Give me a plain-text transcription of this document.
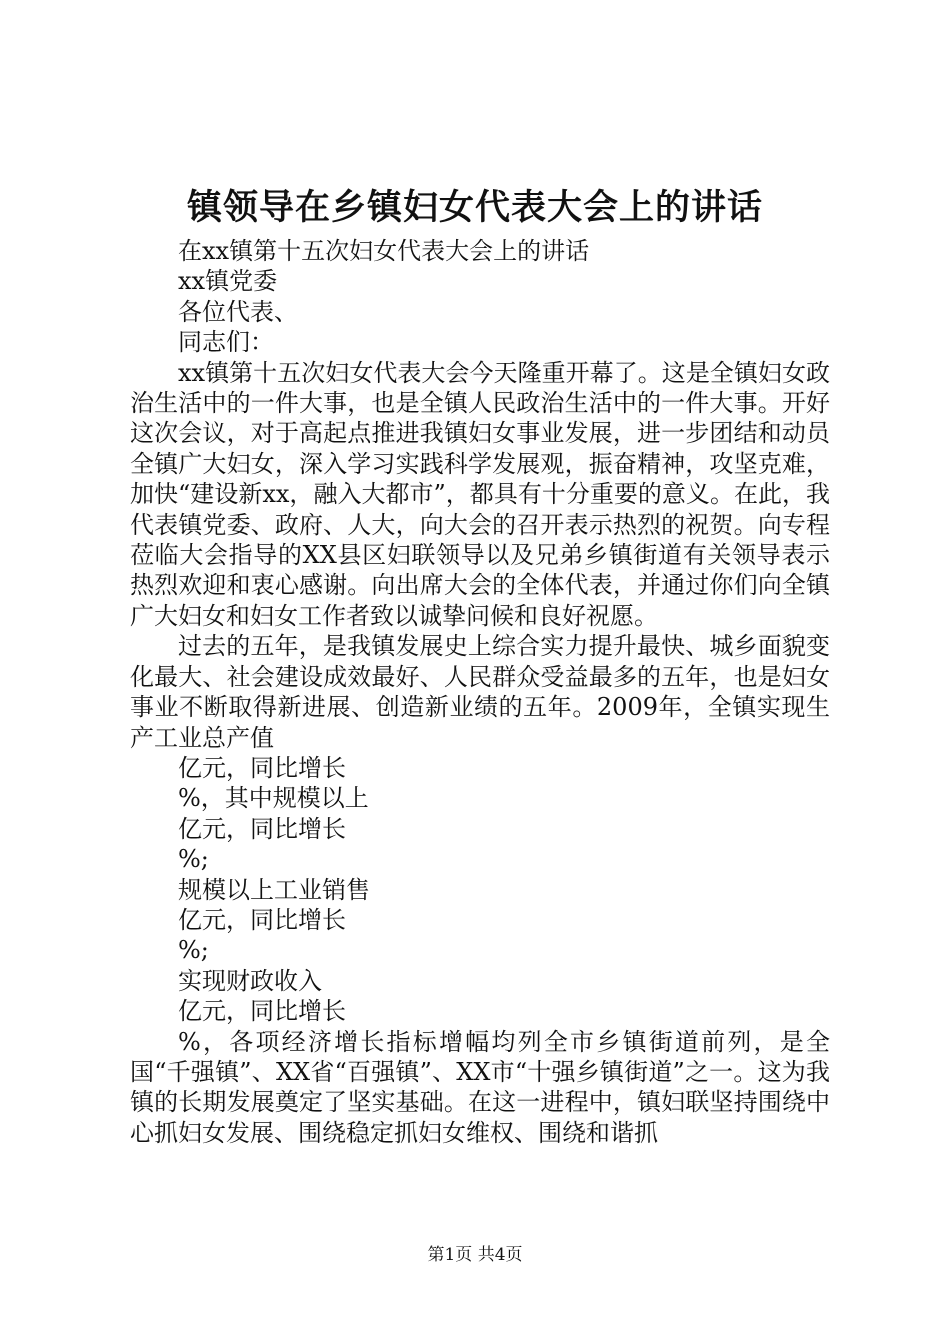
镇领导在乡镇妇女代表大会上的讲话

在xx镇第十五次妇女代表大会上的讲话

xx镇党委

各位代表、

同志们：

xx镇第十五次妇女代表大会今天隆重开幕了。这是全镇妇女政治生活中的一件大事，也是全镇人民政治生活中的一件大事。开好这次会议，对于高起点推进我镇妇女事业发展，进一步团结和动员全镇广大妇女，深入学习实践科学发展观，振奋精神，攻坚克难，加快“建设新xx，融入大都市”，都具有十分重要的意义。在此，我代表镇党委、政府、人大，向大会的召开表示热烈的祝贺。向专程莅临大会指导的XX县区妇联领导以及兄弟乡镇街道有关领导表示热烈欢迎和衷心感谢。向出席大会的全体代表，并通过你们向全镇广大妇女和妇女工作者致以诚挚问候和良好祝愿。

过去的五年，是我镇发展史上综合实力提升最快、城乡面貌变化最大、社会建设成效最好、人民群众受益最多的五年，也是妇女事业不断取得新进展、创造新业绩的五年。2009年，全镇实现生产工业总产值

亿元，同比增长

%，其中规模以上

亿元，同比增长

%;

规模以上工业销售

亿元，同比增长

%;

实现财政收入

亿元，同比增长

%，各项经济增长指标增幅均列全市乡镇街道前列，是全国“千强镇”、XX省“百强镇”、XX市“十强乡镇街道”之一。这为我镇的长期发展奠定了坚实基础。在这一进程中，镇妇联坚持围绕中心抓妇女发展、围绕稳定抓妇女维权、围绕和谐抓

第1页 共4页
